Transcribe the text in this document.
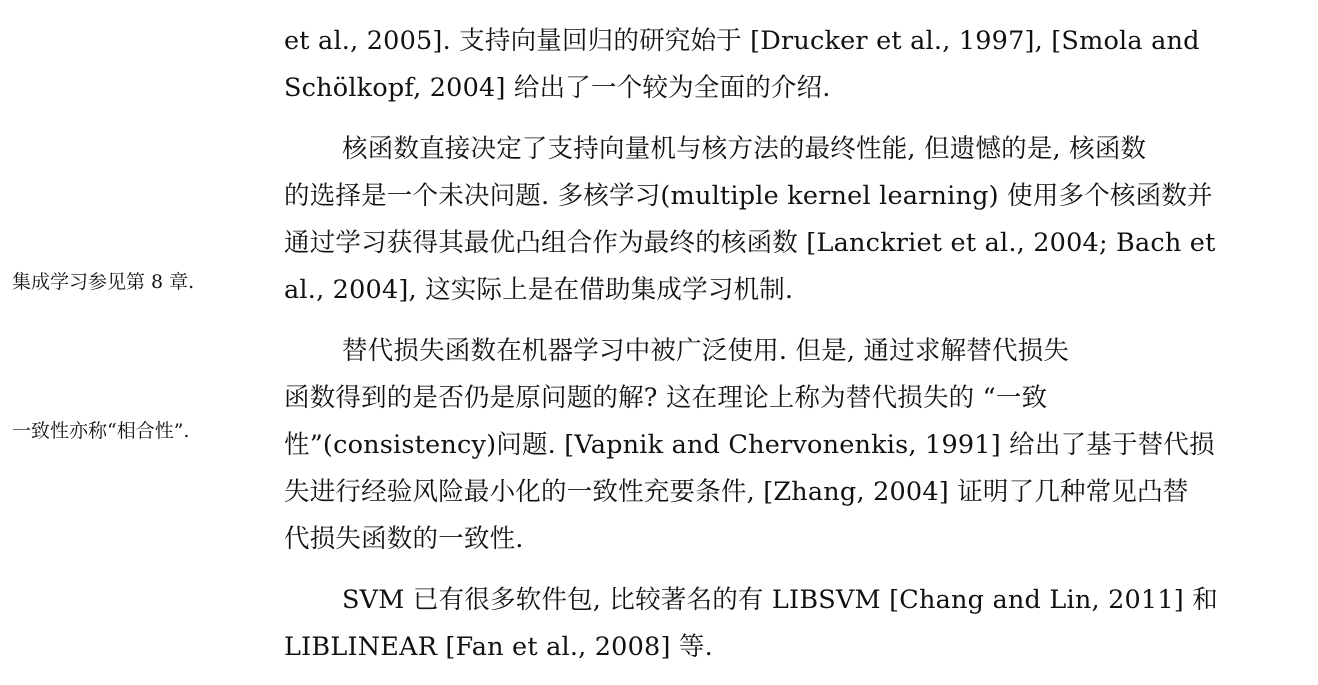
集成学习参见第 8 章.
一致性亦称“相合性”.

et al., 2005]. 支持向量回归的研究始于 [Drucker et al., 1997], [Smola and
Schölkopf, 2004] 给出了一个较为全面的介绍.

核函数直接决定了支持向量机与核方法的最终性能, 但遗憾的是, 核函数
的选择是一个未决问题. 多核学习(multiple kernel learning) 使用多个核函数并
通过学习获得其最优凸组合作为最终的核函数 [Lanckriet et al., 2004; Bach et
al., 2004], 这实际上是在借助集成学习机制.

替代损失函数在机器学习中被广泛使用. 但是, 通过求解替代损失
函数得到的是否仍是原问题的解? 这在理论上称为替代损失的 “一致
性”(consistency)问题. [Vapnik and Chervonenkis, 1991] 给出了基于替代损
失进行经验风险最小化的一致性充要条件, [Zhang, 2004] 证明了几种常见凸替
代损失函数的一致性.

SVM 已有很多软件包, 比较著名的有 LIBSVM [Chang and Lin, 2011] 和
LIBLINEAR [Fan et al., 2008] 等.
